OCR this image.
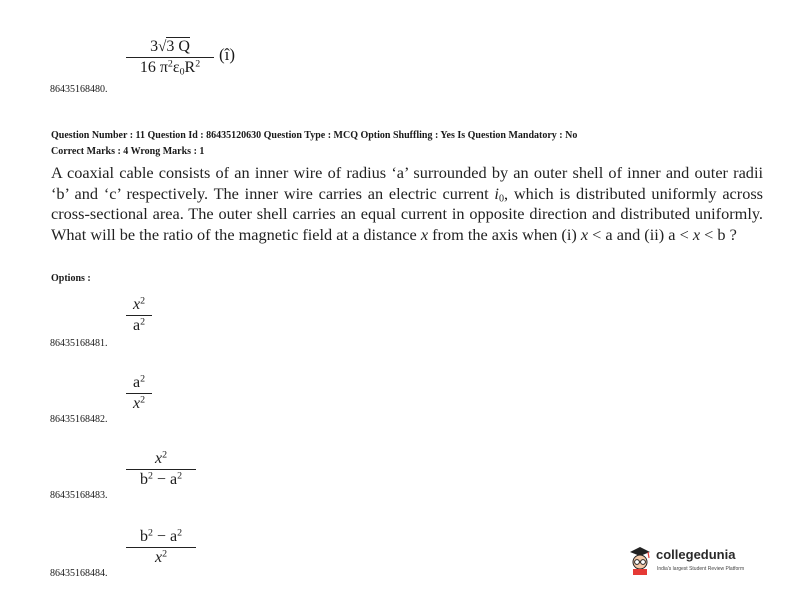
3√3 Q
16 $\pi^2\varepsilon_0R^2$
(î)
86435168480.
Question Number : 11 Question Id : 86435120630 Question Type : MCQ Option Shuffling : Yes Is Question Mandatory : No
Correct Marks : 4 Wrong Marks : 1
A coaxial cable consists of an inner wire of radius ‘a’ surrounded by an outer shell of inner and outer radii ‘b’ and ‘c’ respectively. The inner wire carries an electric current $i_0$, which is distributed uniformly across cross-sectional area. The outer shell carries an equal current in opposite direction and distributed uniformly. What will be the ratio of the magnetic field at a distance x from the axis when (i) x < a and (ii) a < x < b ?
Options :
$x^2$
$a^2$
86435168481.
$a^2$
$x^2$
86435168482.
$x^2$
$b^2 - a^2$
86435168483.
$b^2 - a^2$
$x^2$
86435168484.
collegedunia
India's largest Student Review Platform
